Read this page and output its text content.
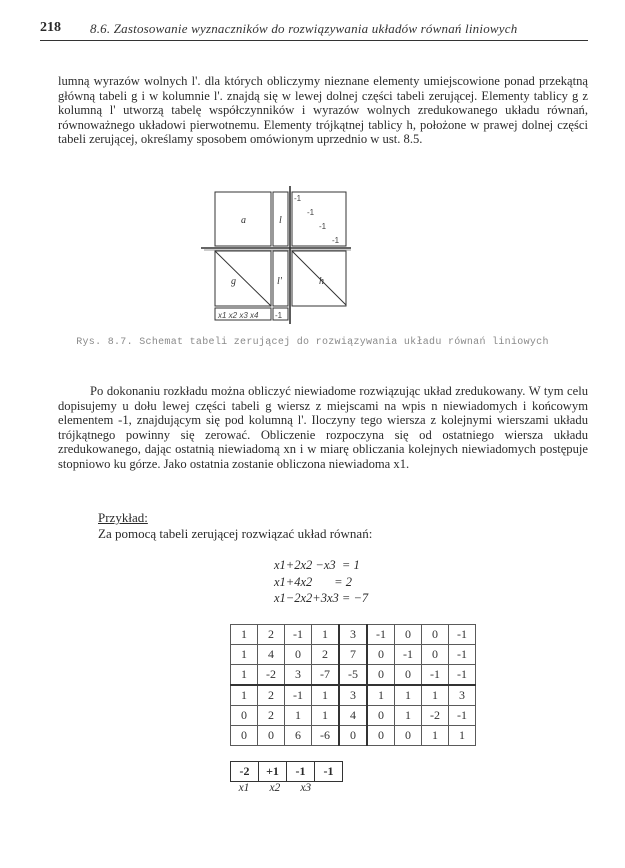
218 8.6. Zastosowanie wyznaczników do rozwiązywania układów równań liniowych

lumną wyrazów wolnych l'. dla których obliczymy nieznane elementy umiejscowione ponad przekątną główną tabeli g i w kolumnie l'. znajdą się w lewej dolnej części tabeli zerującej. Elementy tablicy g z kolumną l' utworzą tabelę współczynników i wyrazów wolnych zredukowanego układu równań, równoważnego układowi pierwotnemu. Elementy trójkątnej tablicy h, położone w prawej dolnej części tabeli zerującej, określamy sposobem omówionym uprzednio w ust. 8.5.

a	l
g	l'	h
-1
-1
-1
-1
x1 x2 x3 x4 -1
Rys. 8.7. Schemat tabeli zerującej do rozwiązywania układu równań liniowych

Po dokonaniu rozkładu można obliczyć niewiadome rozwiązując układ zredukowany. W tym celu dopisujemy u dołu lewej części tabeli g wiersz z miejscami na wpis n niewiadomych i końcowym elementem -1, znajdującym się pod kolumną l'. Iloczyny tego wiersza z kolejnymi wierszami układu trójkątnego powinny się zerować. Obliczenie rozpoczyna się od ostatniego wiersza układu zredukowanego, dając ostatnią niewiadomą xn i w miarę obliczania kolejnych niewiadomych postępuje stopniowo ku górze. Jako ostatnia zostanie obliczona niewiadoma x1.

Przykład:
Za pomocą tabeli zerującej rozwiązać układ równań:
x1+2x2 −x3  = 1
x1+4x2       = 2
x1−2x2+3x3 = −7
1	2	-1	1	3	-1	0	0	-1
1	4	0	2	7	0	-1	0	-1
1	-2	3	-7	-5	0	0	-1	-1
1	2	-1	1	3	1	1	1	3
0	2	1	1	4	0	1	-2	-1
0	0	6	-6	0	0	0	1	1
-2	+1	-1	-1
x1 x2 x3
